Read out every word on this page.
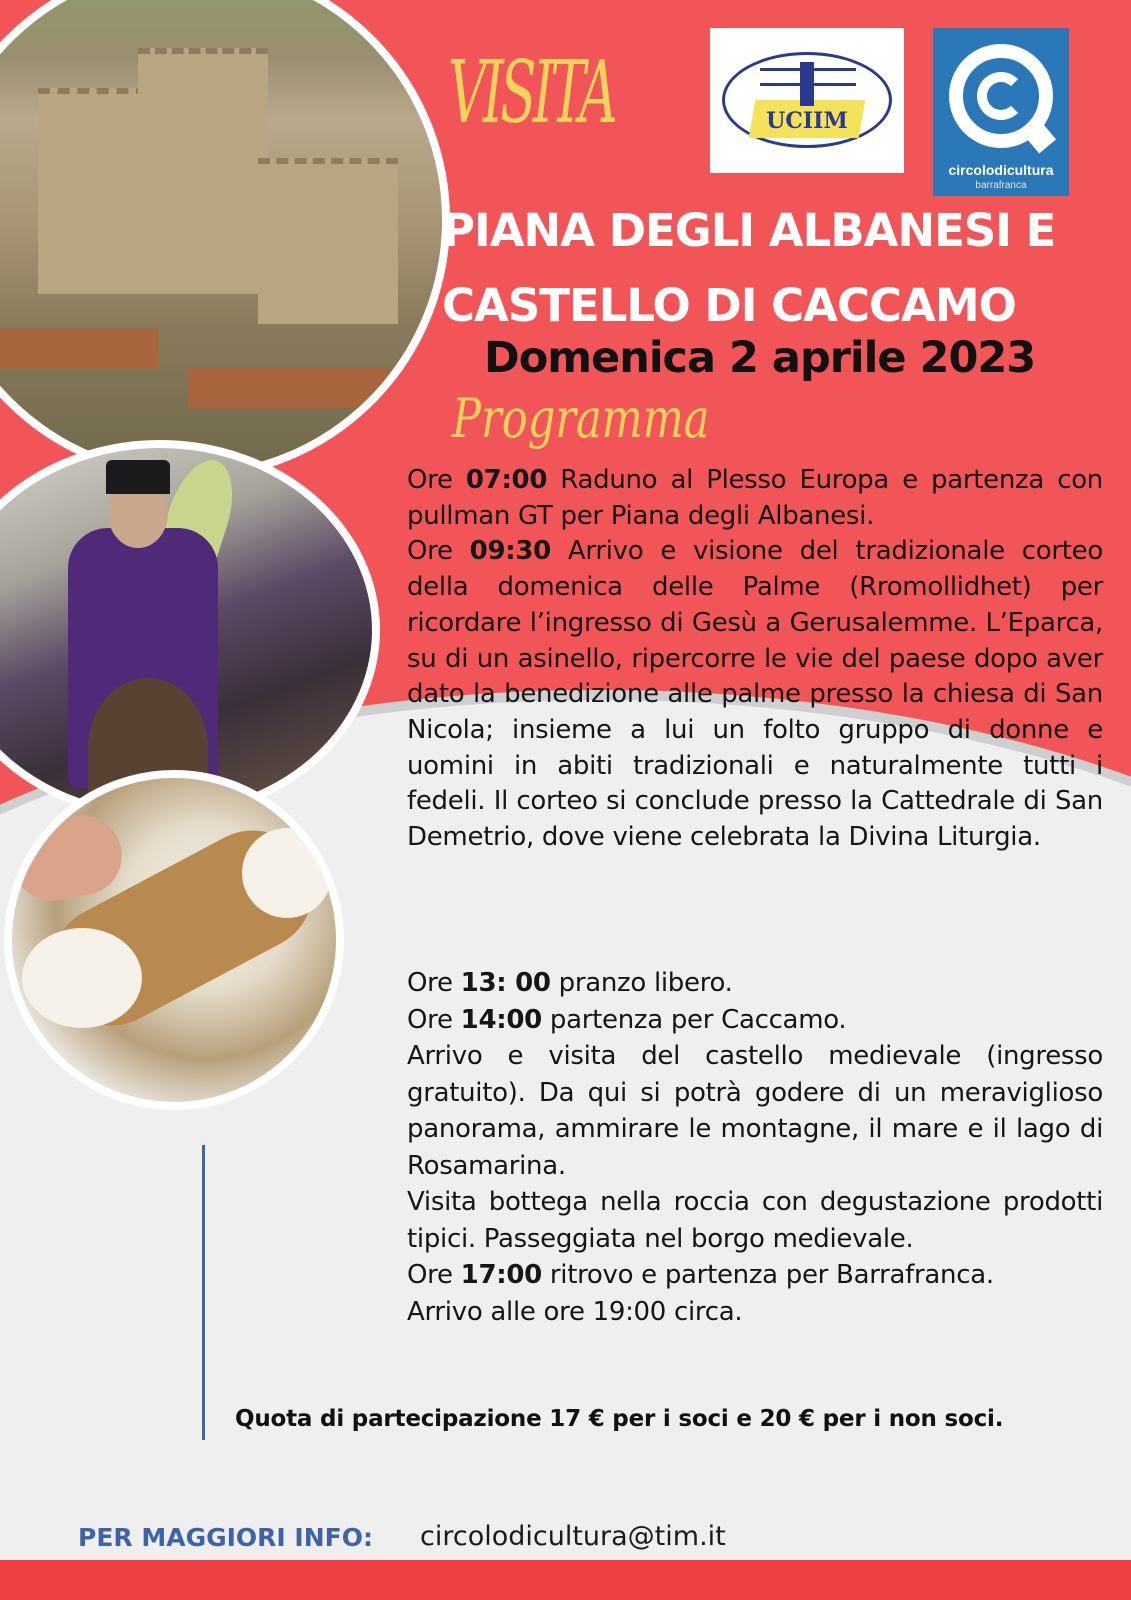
VISITA	UCIIM
circolodicultura
barrafranca
PIANA DEGLI ALBANESI E
CASTELLO DI CACCAMO
Domenica 2 aprile 2023
Programma

Ore 07:00 Raduno al Plesso Europa e partenza con pullman GT per Piana degli Albanesi.

Ore 09:30 Arrivo e visione del tradizionale corteo della domenica delle Palme (Rromollidhet) per ricordare l’ingresso di Gesù a Gerusalemme. L’Eparca, su di un asinello, ripercorre le vie del paese dopo aver dato la benedizione alle palme presso la chiesa di San Nicola; insieme a lui un folto gruppo di donne e uomini in abiti tradizionali e naturalmente tutti i fedeli. Il corteo si conclude presso la Cattedrale di San Demetrio, dove viene celebrata la Divina Liturgia.

Ore 13: 00 pranzo libero.

Ore 14:00 partenza per Caccamo.

Arrivo e visita del castello medievale (ingresso gratuito). Da qui si potrà godere di un meraviglioso panorama, ammirare le montagne, il mare e il lago di Rosamarina.

Visita bottega nella roccia con degustazione prodotti tipici. Passeggiata nel borgo medievale.

Ore 17:00 ritrovo e partenza per Barrafranca.

Arrivo alle ore 19:00 circa.

Quota di partecipazione 17 € per i soci e 20 € per i non soci.
PER MAGGIORI INFO: circolodicultura@tim.it
